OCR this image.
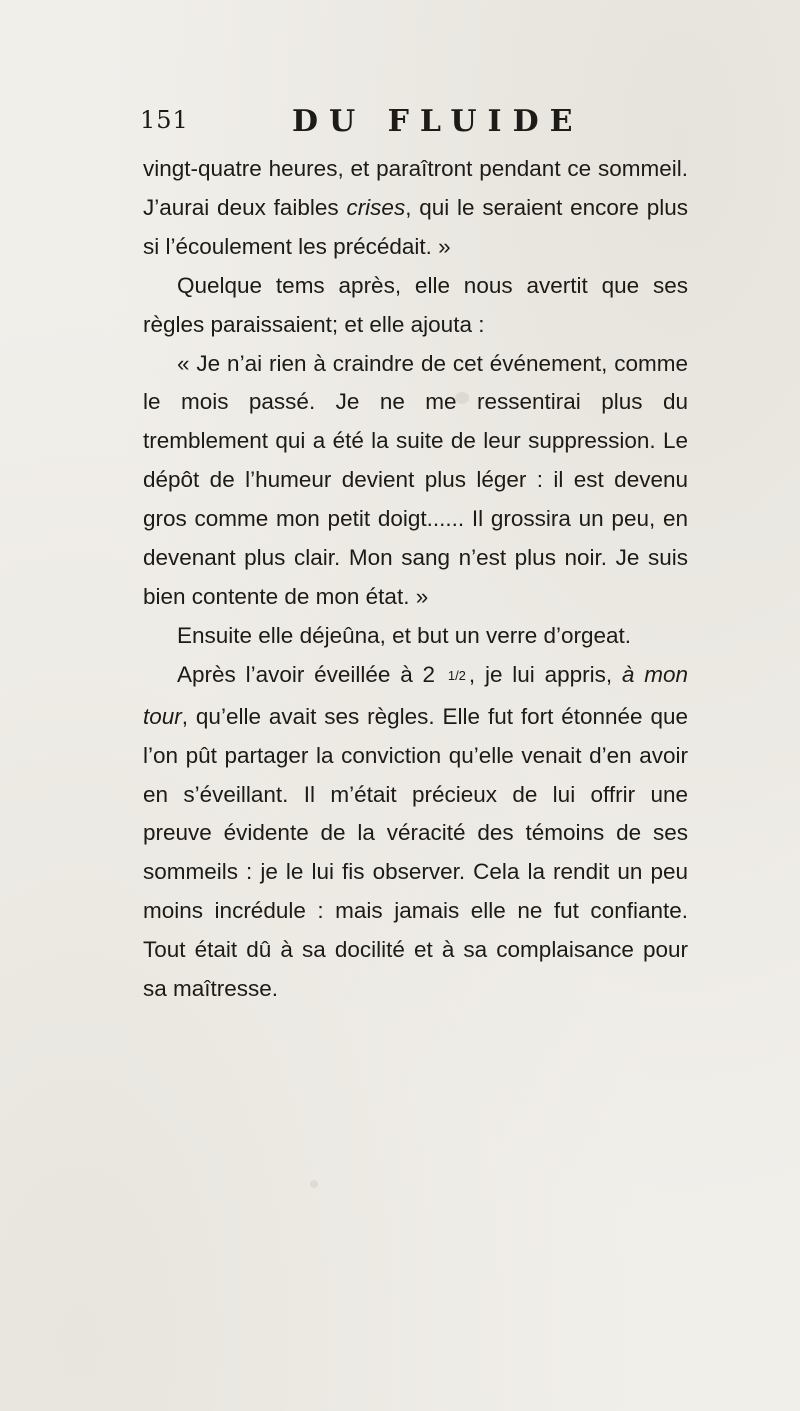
151	DU FLUIDE

vingt-quatre heures, et paraîtront pendant ce sommeil. J’aurai deux faibles crises, qui le seraient encore plus si l’écoulement les précédait. »

Quelque tems après, elle nous avertit que ses règles paraissaient; et elle ajouta :

« Je n’ai rien à craindre de cet événement, comme le mois passé. Je ne me ressentirai plus du tremblement qui a été la suite de leur suppression. Le dépôt de l’humeur devient plus léger : il est devenu gros comme mon petit doigt...... Il grossira un peu, en devenant plus clair. Mon sang n’est plus noir. Je suis bien contente de mon état. »

Ensuite elle déjeûna, et but un verre d’orgeat.

Après l’avoir éveillée à 2 1/2 , je lui appris, à mon tour, qu’elle avait ses règles. Elle fut fort étonnée que l’on pût partager la conviction qu’elle venait d’en avoir en s’éveillant. Il m’était précieux de lui offrir une preuve évidente de la véracité des témoins de ses sommeils : je le lui fis observer. Cela la rendit un peu moins incrédule : mais jamais elle ne fut confiante. Tout était dû à sa docilité et à sa complaisance pour sa maîtresse.
